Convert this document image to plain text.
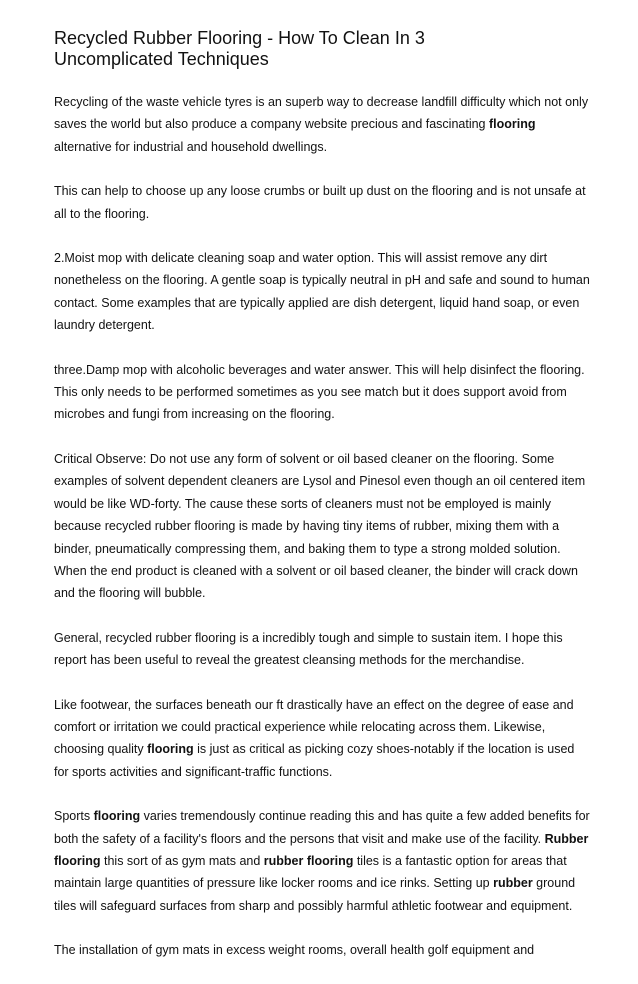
Recycled Rubber Flooring - How To Clean In 3
Uncomplicated Techniques

Recycling of the waste vehicle tyres is an superb way to decrease landfill difficulty which not only saves the world but also produce a company website precious and fascinating flooring alternative for industrial and household dwellings.

This can help to choose up any loose crumbs or built up dust on the flooring and is not unsafe at all to the flooring.

2.Moist mop with delicate cleaning soap and water option. This will assist remove any dirt nonetheless on the flooring. A gentle soap is typically neutral in pH and safe and sound to human contact. Some examples that are typically applied are dish detergent, liquid hand soap, or even laundry detergent.

three.Damp mop with alcoholic beverages and water answer. This will help disinfect the flooring. This only needs to be performed sometimes as you see match but it does support avoid from microbes and fungi from increasing on the flooring.

Critical Observe: Do not use any form of solvent or oil based cleaner on the flooring. Some examples of solvent dependent cleaners are Lysol and Pinesol even though an oil centered item would be like WD-forty. The cause these sorts of cleaners must not be employed is mainly because recycled rubber flooring is made by having tiny items of rubber, mixing them with a binder, pneumatically compressing them, and baking them to type a strong molded solution. When the end product is cleaned with a solvent or oil based cleaner, the binder will crack down and the flooring will bubble.

General, recycled rubber flooring is a incredibly tough and simple to sustain item. I hope this report has been useful to reveal the greatest cleansing methods for the merchandise.

Like footwear, the surfaces beneath our ft drastically have an effect on the degree of ease and comfort or irritation we could practical experience while relocating across them. Likewise, choosing quality flooring is just as critical as picking cozy shoes-notably if the location is used for sports activities and significant-traffic functions.

Sports flooring varies tremendously continue reading this and has quite a few added benefits for both the safety of a facility's floors and the persons that visit and make use of the facility. Rubber flooring this sort of as gym mats and rubber flooring tiles is a fantastic option for areas that maintain large quantities of pressure like locker rooms and ice rinks. Setting up rubber ground tiles will safeguard surfaces from sharp and possibly harmful athletic footwear and equipment.

The installation of gym mats in excess weight rooms, overall health golf equipment and
